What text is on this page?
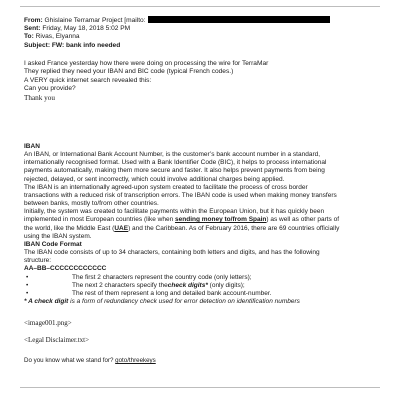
From: Ghislaine Terramar Project [mailto:
Sent: Friday, May 18, 2018 5:02 PM
To: Rivas, Elyanna
Subject: FW: bank info needed
I asked France yesterday how there were doing on processing the wire for TerraMar
They replied they need your IBAN and BIC code (typical French codes.)
A VERY quick internet search revealed this:
Can you provide?
Thank you

IBAN

An IBAN, or International Bank Account Number, is the customer’s bank account number in a standard,

internationally recognised format. Used with a Bank Identifier Code (BIC), it helps to process international

payments automatically, making them more secure and faster. It also helps prevent payments from being

rejected, delayed, or sent incorrectly, which could involve additional charges being applied.

The IBAN is an internationally agreed-upon system created to facilitate the process of cross border

transactions with a reduced risk of transcription errors. The IBAN code is used when making money transfers

between banks, mostly to/from other countries.

Initially, the system was created to facilitate payments within the European Union, but it has quickly been

implemented in most European countries (like when sending money to/from Spain) as well as other parts of

the world, like the Middle East (UAE) and the Caribbean. As of February 2016, there are 69 countries officially

using the IBAN system.

IBAN Code Format

The IBAN code consists of up to 34 characters, containing both letters and digits, and has the following

structure:

AA–BB–CCCCCCCCCCCC

•	The first 2 characters represent the country code (only letters);

•	The next 2 characters specify thecheck digits* (only digits);

•	The rest of them represent a long and detailed bank account-number.

* A check digit is a form of redundancy check used for error detection on identification numbers

<image001.png>

<Legal Disclaimer.txt>

Do you know what we stand for? goto/threekeys
